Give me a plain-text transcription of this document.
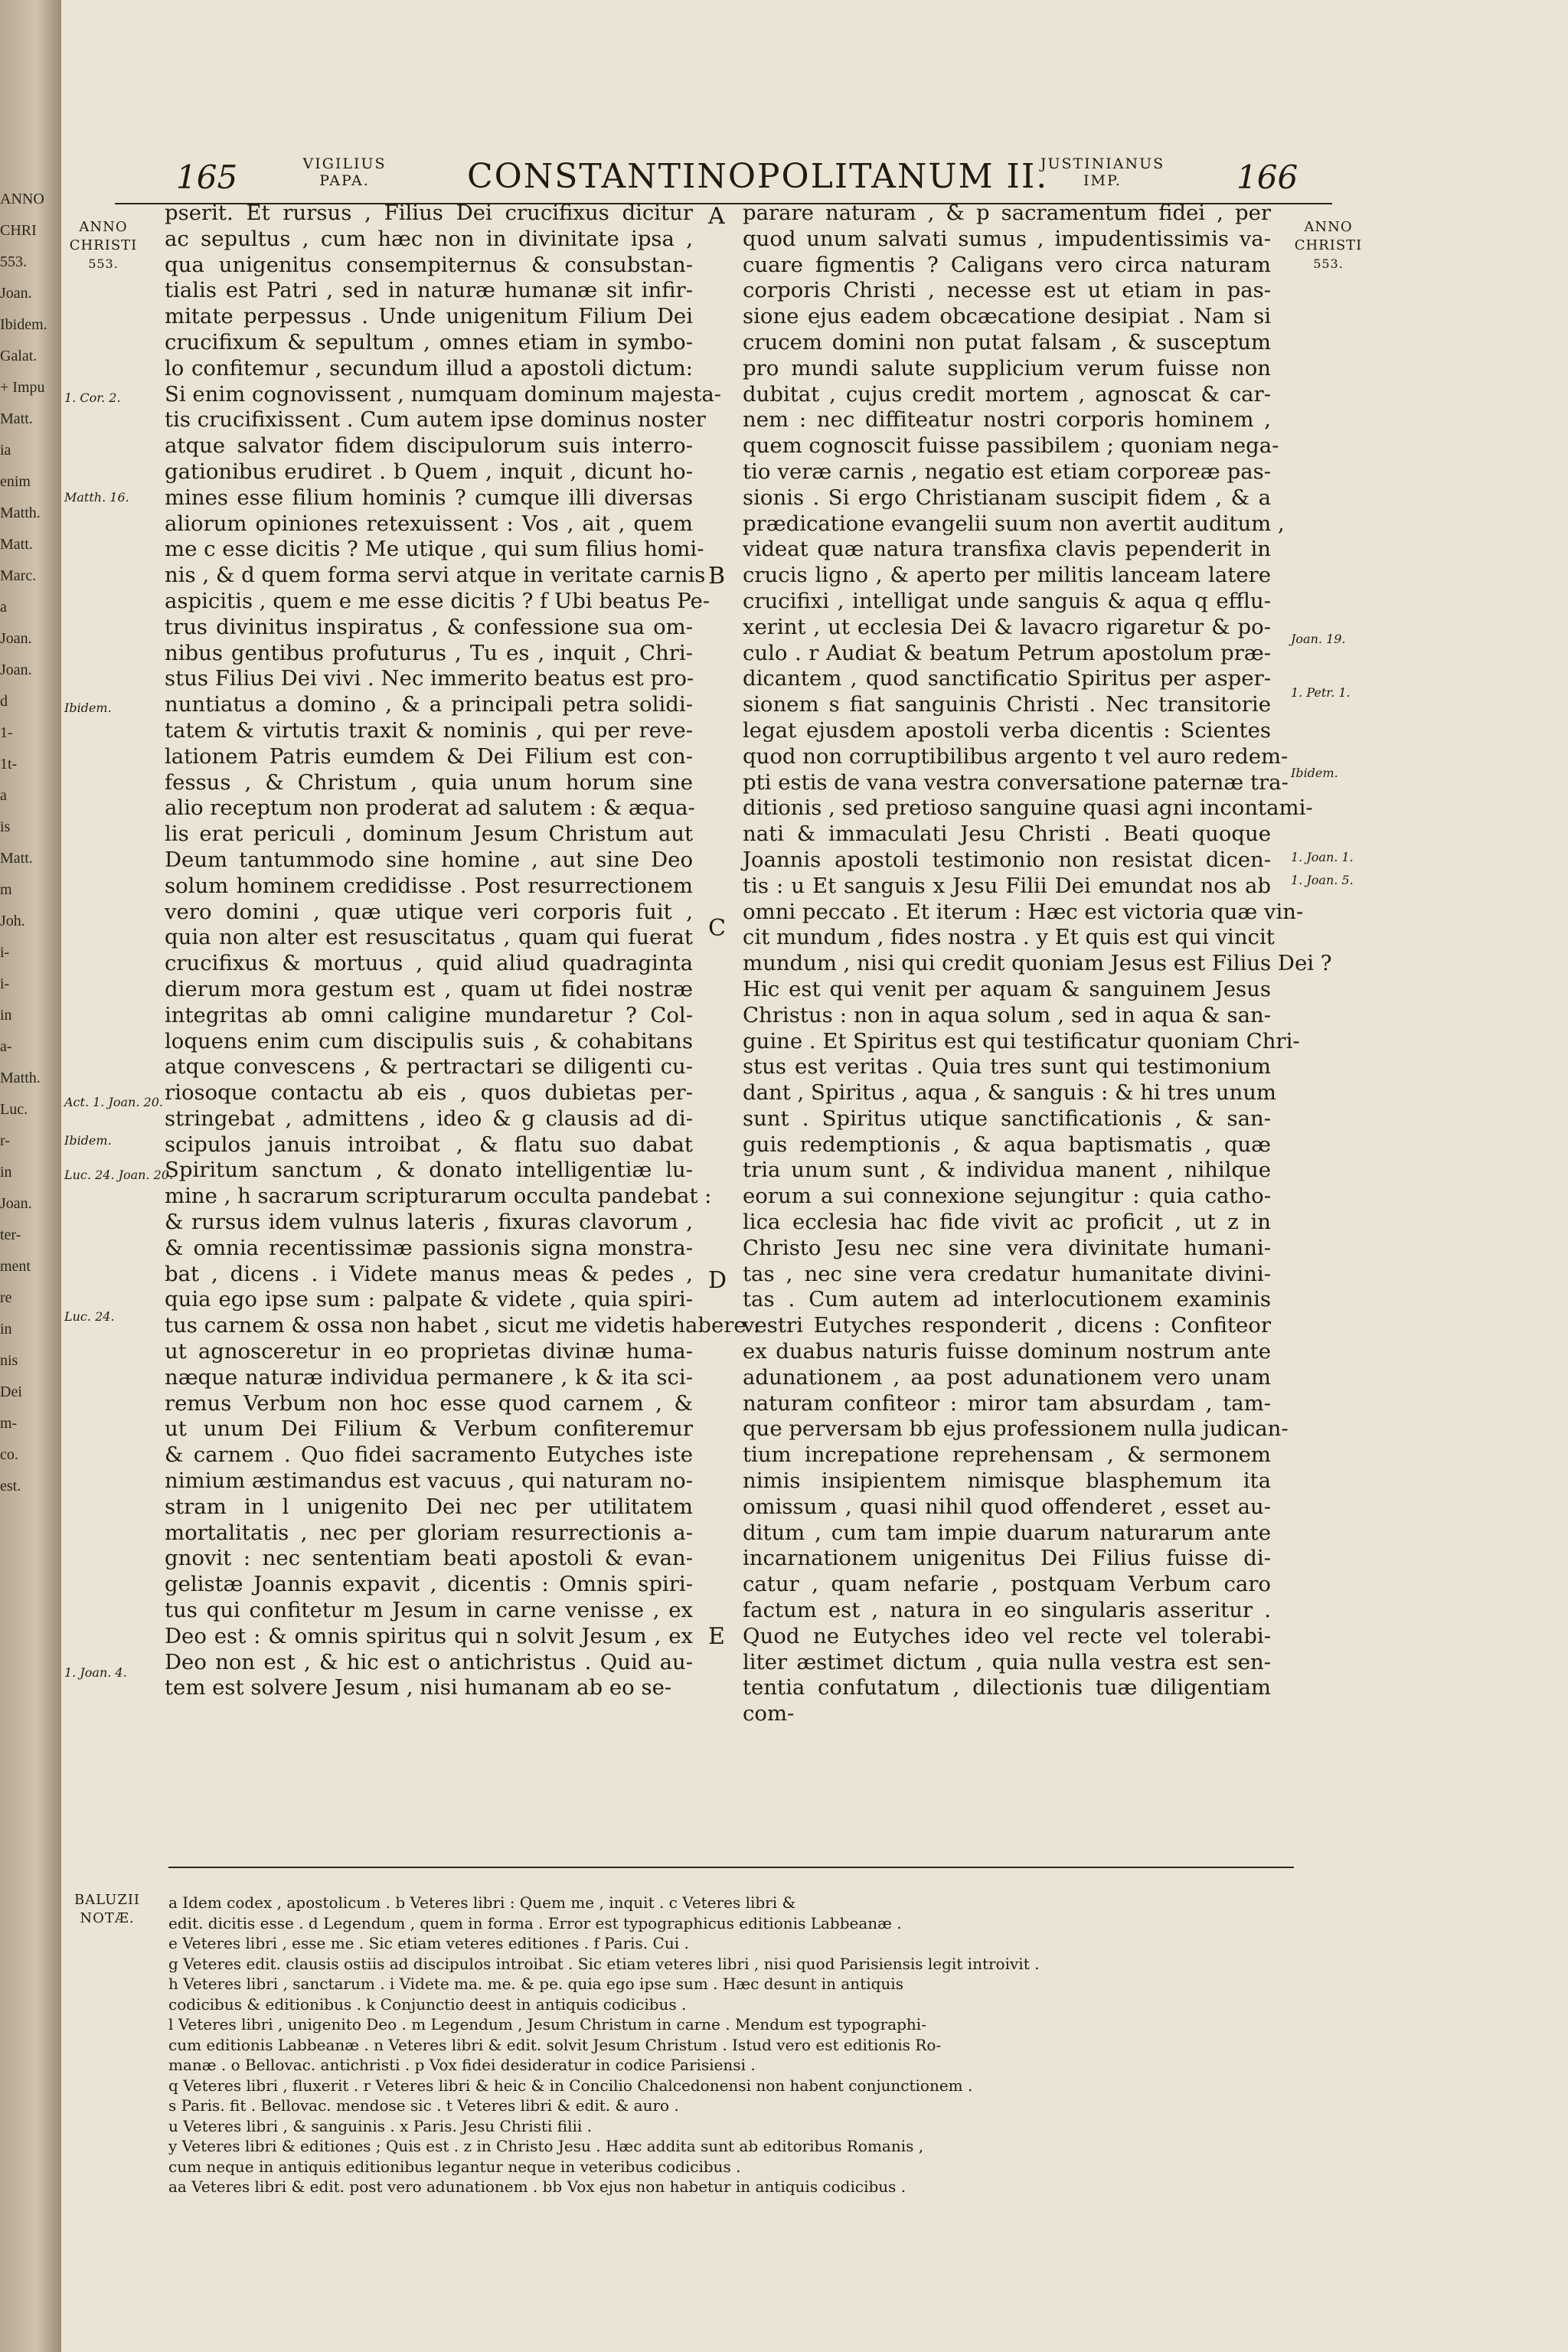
ANNO
CHRI
553.
Joan.
Ibidem.
Galat.
+ Impu
Matt.
ia
enim
Matth.
Matt.
Marc.
a
Joan.
Joan.
d
1-
1t-
a
is
Matt.
m
Joh.
i-
i-
in
a-
Matth.
Luc.
r-
in
Joan.
ter-
ment
re
in
nis
Dei
m-
co.
est.
165	VIGILIUS PAPA.	CONSTANTINOPOLITANUM II.
JUSTINIANUS IMP.	166
ANNO CHRISTI
553.
ANNO CHRISTI
553.
1. Cor. 2.
Matth. 16.
Ibidem.
Act. 1. Joan. 20.
Ibidem.
Luc. 24. Joan. 20.
Luc. 24.
1. Joan. 4.
Joan. 19.
1. Petr. 1.
Ibidem.
1. Joan. 1.
1. Joan. 5.
pserit. Et rursus , Filius Dei crucifixus dicitur
ac sepultus , cum hæc non in divinitate ipsa ,
qua unigenitus consempiternus & consubstan-
tialis est Patri , sed in naturæ humanæ sit infir-
mitate perpessus . Unde unigenitum Filium Dei
crucifixum & sepultum , omnes etiam in symbo-
lo confitemur , secundum illud a apostoli dictum:
Si enim cognovissent , numquam dominum majesta-
tis crucifixissent . Cum autem ipse dominus noster
atque salvator fidem discipulorum suis interro-
gationibus erudiret . b Quem , inquit , dicunt ho-
mines esse filium hominis ? cumque illi diversas
aliorum opiniones retexuissent : Vos , ait , quem
me c esse dicitis ? Me utique , qui sum filius homi-
nis , & d quem forma servi atque in veritate carnis
aspicitis , quem e me esse dicitis ? f Ubi beatus Pe-
trus divinitus inspiratus , & confessione sua om-
nibus gentibus profuturus , Tu es , inquit , Chri-
stus Filius Dei vivi . Nec immerito beatus est pro-
nuntiatus a domino , & a principali petra solidi-
tatem & virtutis traxit & nominis , qui per reve-
lationem Patris eumdem & Dei Filium est con-
fessus , & Christum , quia unum horum sine
alio receptum non proderat ad salutem : & æqua-
lis erat periculi , dominum Jesum Christum aut
Deum tantummodo sine homine , aut sine Deo
solum hominem credidisse . Post resurrectionem
vero domini , quæ utique veri corporis fuit ,
quia non alter est resuscitatus , quam qui fuerat
crucifixus & mortuus , quid aliud quadraginta
dierum mora gestum est , quam ut fidei nostræ
integritas ab omni caligine mundaretur ? Col-
loquens enim cum discipulis suis , & cohabitans
atque convescens , & pertractari se diligenti cu-
riosoque contactu ab eis , quos dubietas per-
stringebat , admittens , ideo & g clausis ad di-
scipulos januis introibat , & flatu suo dabat
Spiritum sanctum , & donato intelligentiæ lu-
mine , h sacrarum scripturarum occulta pandebat :
& rursus idem vulnus lateris , fixuras clavorum ,
& omnia recentissimæ passionis signa monstra-
bat , dicens . i Videte manus meas & pedes ,
quia ego ipse sum : palpate & videte , quia spiri-
tus carnem & ossa non habet , sicut me videtis habere :
ut agnosceretur in eo proprietas divinæ huma-
næque naturæ individua permanere , k & ita sci-
remus Verbum non hoc esse quod carnem , &
ut unum Dei Filium & Verbum confiteremur
& carnem . Quo fidei sacramento Eutyches iste
nimium æstimandus est vacuus , qui naturam no-
stram in l unigenito Dei nec per utilitatem
mortalitatis , nec per gloriam resurrectionis a-
gnovit : nec sententiam beati apostoli & evan-
gelistæ Joannis expavit , dicentis : Omnis spiri-
tus qui confitetur m Jesum in carne venisse , ex
Deo est : & omnis spiritus qui n solvit Jesum , ex
Deo non est , & hic est o antichristus . Quid au-
tem est solvere Jesum , nisi humanam ab eo se-
parare naturam , & p sacramentum fidei , per
quod unum salvati sumus , impudentissimis va-
cuare figmentis ? Caligans vero circa naturam
corporis Christi , necesse est ut etiam in pas-
sione ejus eadem obcæcatione desipiat . Nam si
crucem domini non putat falsam , & susceptum
pro mundi salute supplicium verum fuisse non
dubitat , cujus credit mortem , agnoscat & car-
nem : nec diffiteatur nostri corporis hominem ,
quem cognoscit fuisse passibilem ; quoniam nega-
tio veræ carnis , negatio est etiam corporeæ pas-
sionis . Si ergo Christianam suscipit fidem , & a
prædicatione evangelii suum non avertit auditum ,
videat quæ natura transfixa clavis pependerit in
crucis ligno , & aperto per militis lanceam latere
crucifixi , intelligat unde sanguis & aqua q efflu-
xerint , ut ecclesia Dei & lavacro rigaretur & po-
culo . r Audiat & beatum Petrum apostolum præ-
dicantem , quod sanctificatio Spiritus per asper-
sionem s fiat sanguinis Christi . Nec transitorie
legat ejusdem apostoli verba dicentis : Scientes
quod non corruptibilibus argento t vel auro redem-
pti estis de vana vestra conversatione paternæ tra-
ditionis , sed pretioso sanguine quasi agni incontami-
nati & immaculati Jesu Christi . Beati quoque
Joannis apostoli testimonio non resistat dicen-
tis : u Et sanguis x Jesu Filii Dei emundat nos ab
omni peccato . Et iterum : Hæc est victoria quæ vin-
cit mundum , fides nostra . y Et quis est qui vincit
mundum , nisi qui credit quoniam Jesus est Filius Dei ?
Hic est qui venit per aquam & sanguinem Jesus
Christus : non in aqua solum , sed in aqua & san-
guine . Et Spiritus est qui testificatur quoniam Chri-
stus est veritas . Quia tres sunt qui testimonium
dant , Spiritus , aqua , & sanguis : & hi tres unum
sunt . Spiritus utique sanctificationis , & san-
guis redemptionis , & aqua baptismatis , quæ
tria unum sunt , & individua manent , nihilque
eorum a sui connexione sejungitur : quia catho-
lica ecclesia hac fide vivit ac proficit , ut z in
Christo Jesu nec sine vera divinitate humani-
tas , nec sine vera credatur humanitate divini-
tas . Cum autem ad interlocutionem examinis
vestri Eutyches responderit , dicens : Confiteor
ex duabus naturis fuisse dominum nostrum ante
adunationem , aa post adunationem vero unam
naturam confiteor : miror tam absurdam , tam-
que perversam bb ejus professionem nulla judican-
tium increpatione reprehensam , & sermonem
nimis insipientem nimisque blasphemum ita
omissum , quasi nihil quod offenderet , esset au-
ditum , cum tam impie duarum naturarum ante
incarnationem unigenitus Dei Filius fuisse di-
catur , quam nefarie , postquam Verbum caro
factum est , natura in eo singularis asseritur .
Quod ne Eutyches ideo vel recte vel tolerabi-
liter æstimet dictum , quia nulla vestra est sen-
tentia confutatum , dilectionis tuæ diligentiam
com-
A
B
C
D
E
BALUZII NOTÆ.
a Idem codex , apostolicum . b Veteres libri : Quem me , inquit . c Veteres libri &
edit. dicitis esse . d Legendum , quem in forma . Error est typographicus editionis Labbeanæ .
e Veteres libri , esse me . Sic etiam veteres editiones . f Paris. Cui .
g Veteres edit. clausis ostiis ad discipulos introibat . Sic etiam veteres libri , nisi quod Parisiensis legit introivit .
h Veteres libri , sanctarum . i Videte ma. me. & pe. quia ego ipse sum . Hæc desunt in antiquis
codicibus & editionibus . k Conjunctio deest in antiquis codicibus .
l Veteres libri , unigenito Deo . m Legendum , Jesum Christum in carne . Mendum est typographi-
cum editionis Labbeanæ . n Veteres libri & edit. solvit Jesum Christum . Istud vero est editionis Ro-
manæ . o Bellovac. antichristi . p Vox fidei desideratur in codice Parisiensi .
q Veteres libri , fluxerit . r Veteres libri & heic & in Concilio Chalcedonensi non habent conjunctionem .
s Paris. fit . Bellovac. mendose sic . t Veteres libri & edit. & auro .
u Veteres libri , & sanguinis . x Paris. Jesu Christi filii .
y Veteres libri & editiones ; Quis est . z in Christo Jesu . Hæc addita sunt ab editoribus Romanis ,
cum neque in antiquis editionibus legantur neque in veteribus codicibus .
aa Veteres libri & edit. post vero adunationem . bb Vox ejus non habetur in antiquis codicibus .
